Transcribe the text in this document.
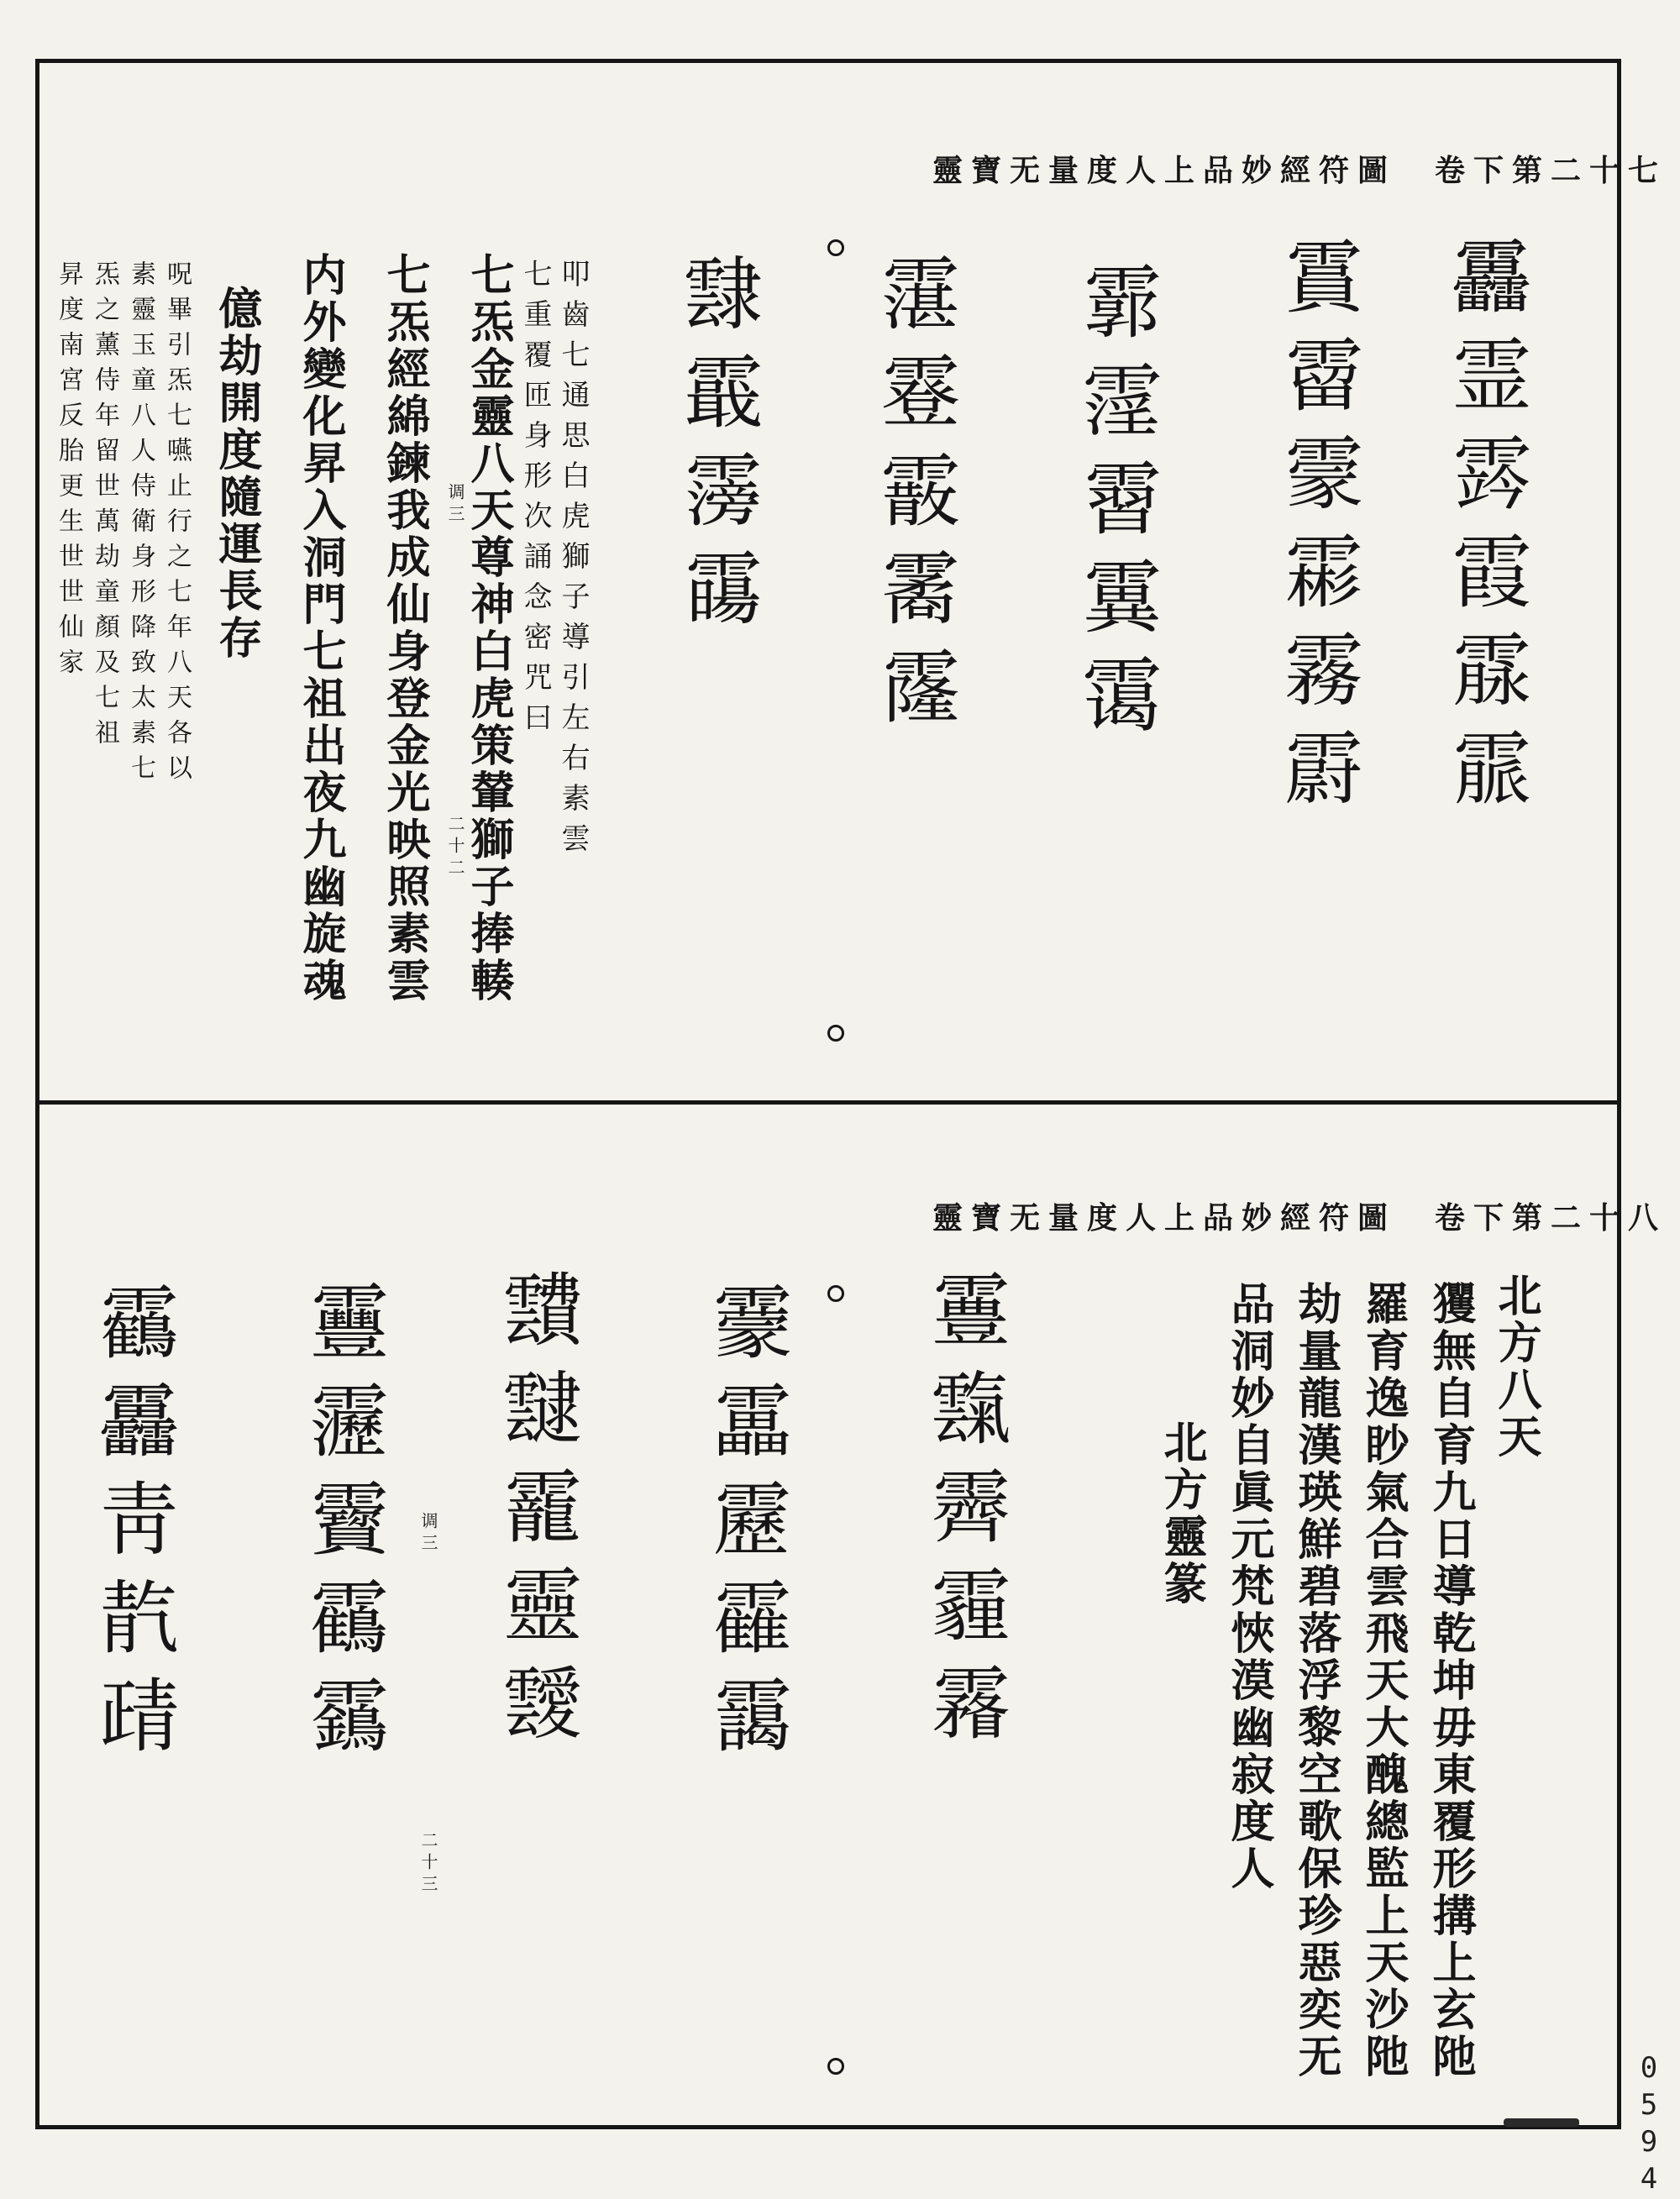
靈寶无量度人上品妙經符圖　卷下第二十七
靐霊霠霞霡霢
霣霤霥霦霧霨
霩霪霫霬霭
霮霯霰霱霳
霴霵霶霷
叩齒七通思白虎獅子導引左右素雲
七重覆匝身形次誦念密咒曰
调三
二十二
七炁金靈八天尊神白虎策輦獅子捧輳
七炁經綿鍊我成仙身登金光映照素雲
内外變化昇入洞門七祖出夜九幽旋魂
億劫開度隨運長存
呪畢引炁七嚥止行之七年八天各以
素靈玉童八人侍衛身形降致太素七
炁之薰侍年留世萬劫童顏及七祖
昇度南宮反胎更生世世仙家
靈寶无量度人上品妙經符圖　卷下第二十八
北方八天
玃無自育九日導乾坤毋東覆形搆上玄阤
羅育逸眇氣合雲飛天大醜總監上天沙阤
劫量龍漢瑛鮮碧落浮黎空歌保珍惡奕无
品洞妙自眞元梵悏漠幽寂度人
北方靈篆
霻霼霽霾霿
靀靁靂靃靄
靅靆靇靈靉
靊靋靌靍靎
靏靐靑靔靕	调三
二十三
0
5
9
4
